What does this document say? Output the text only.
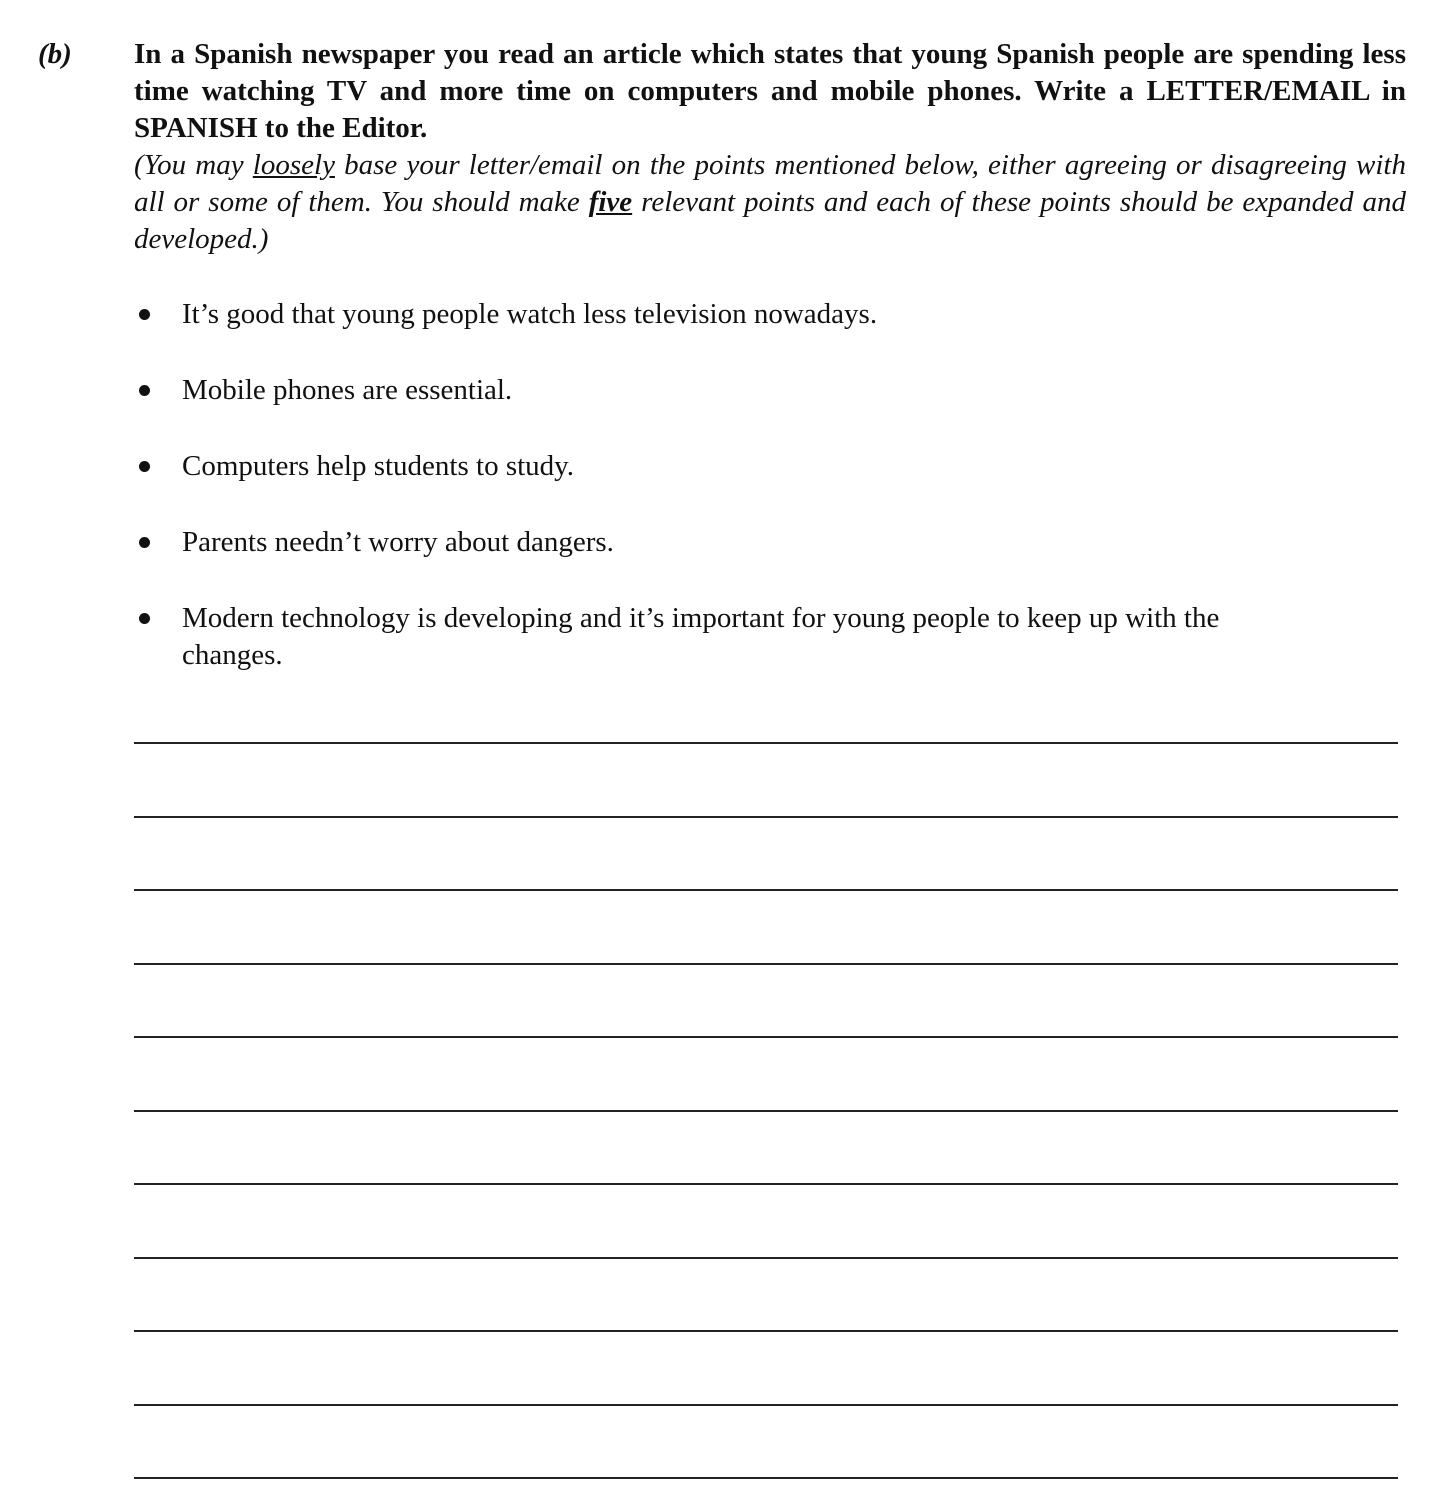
(b) In a Spanish newspaper you read an article which states that young Spanish people are spending less time watching TV and more time on computers and mobile phones. Write a LETTER/EMAIL in SPANISH to the Editor.

(You may loosely base your letter/email on the points mentioned below, either agreeing or disagreeing with all or some of them. You should make five relevant points and each of these points should be expanded and developed.)

It’s good that young people watch less television nowadays.
Mobile phones are essential.
Computers help students to study.
Parents needn’t worry about dangers.
Modern technology is developing and it’s important for young people to keep up with the changes.
